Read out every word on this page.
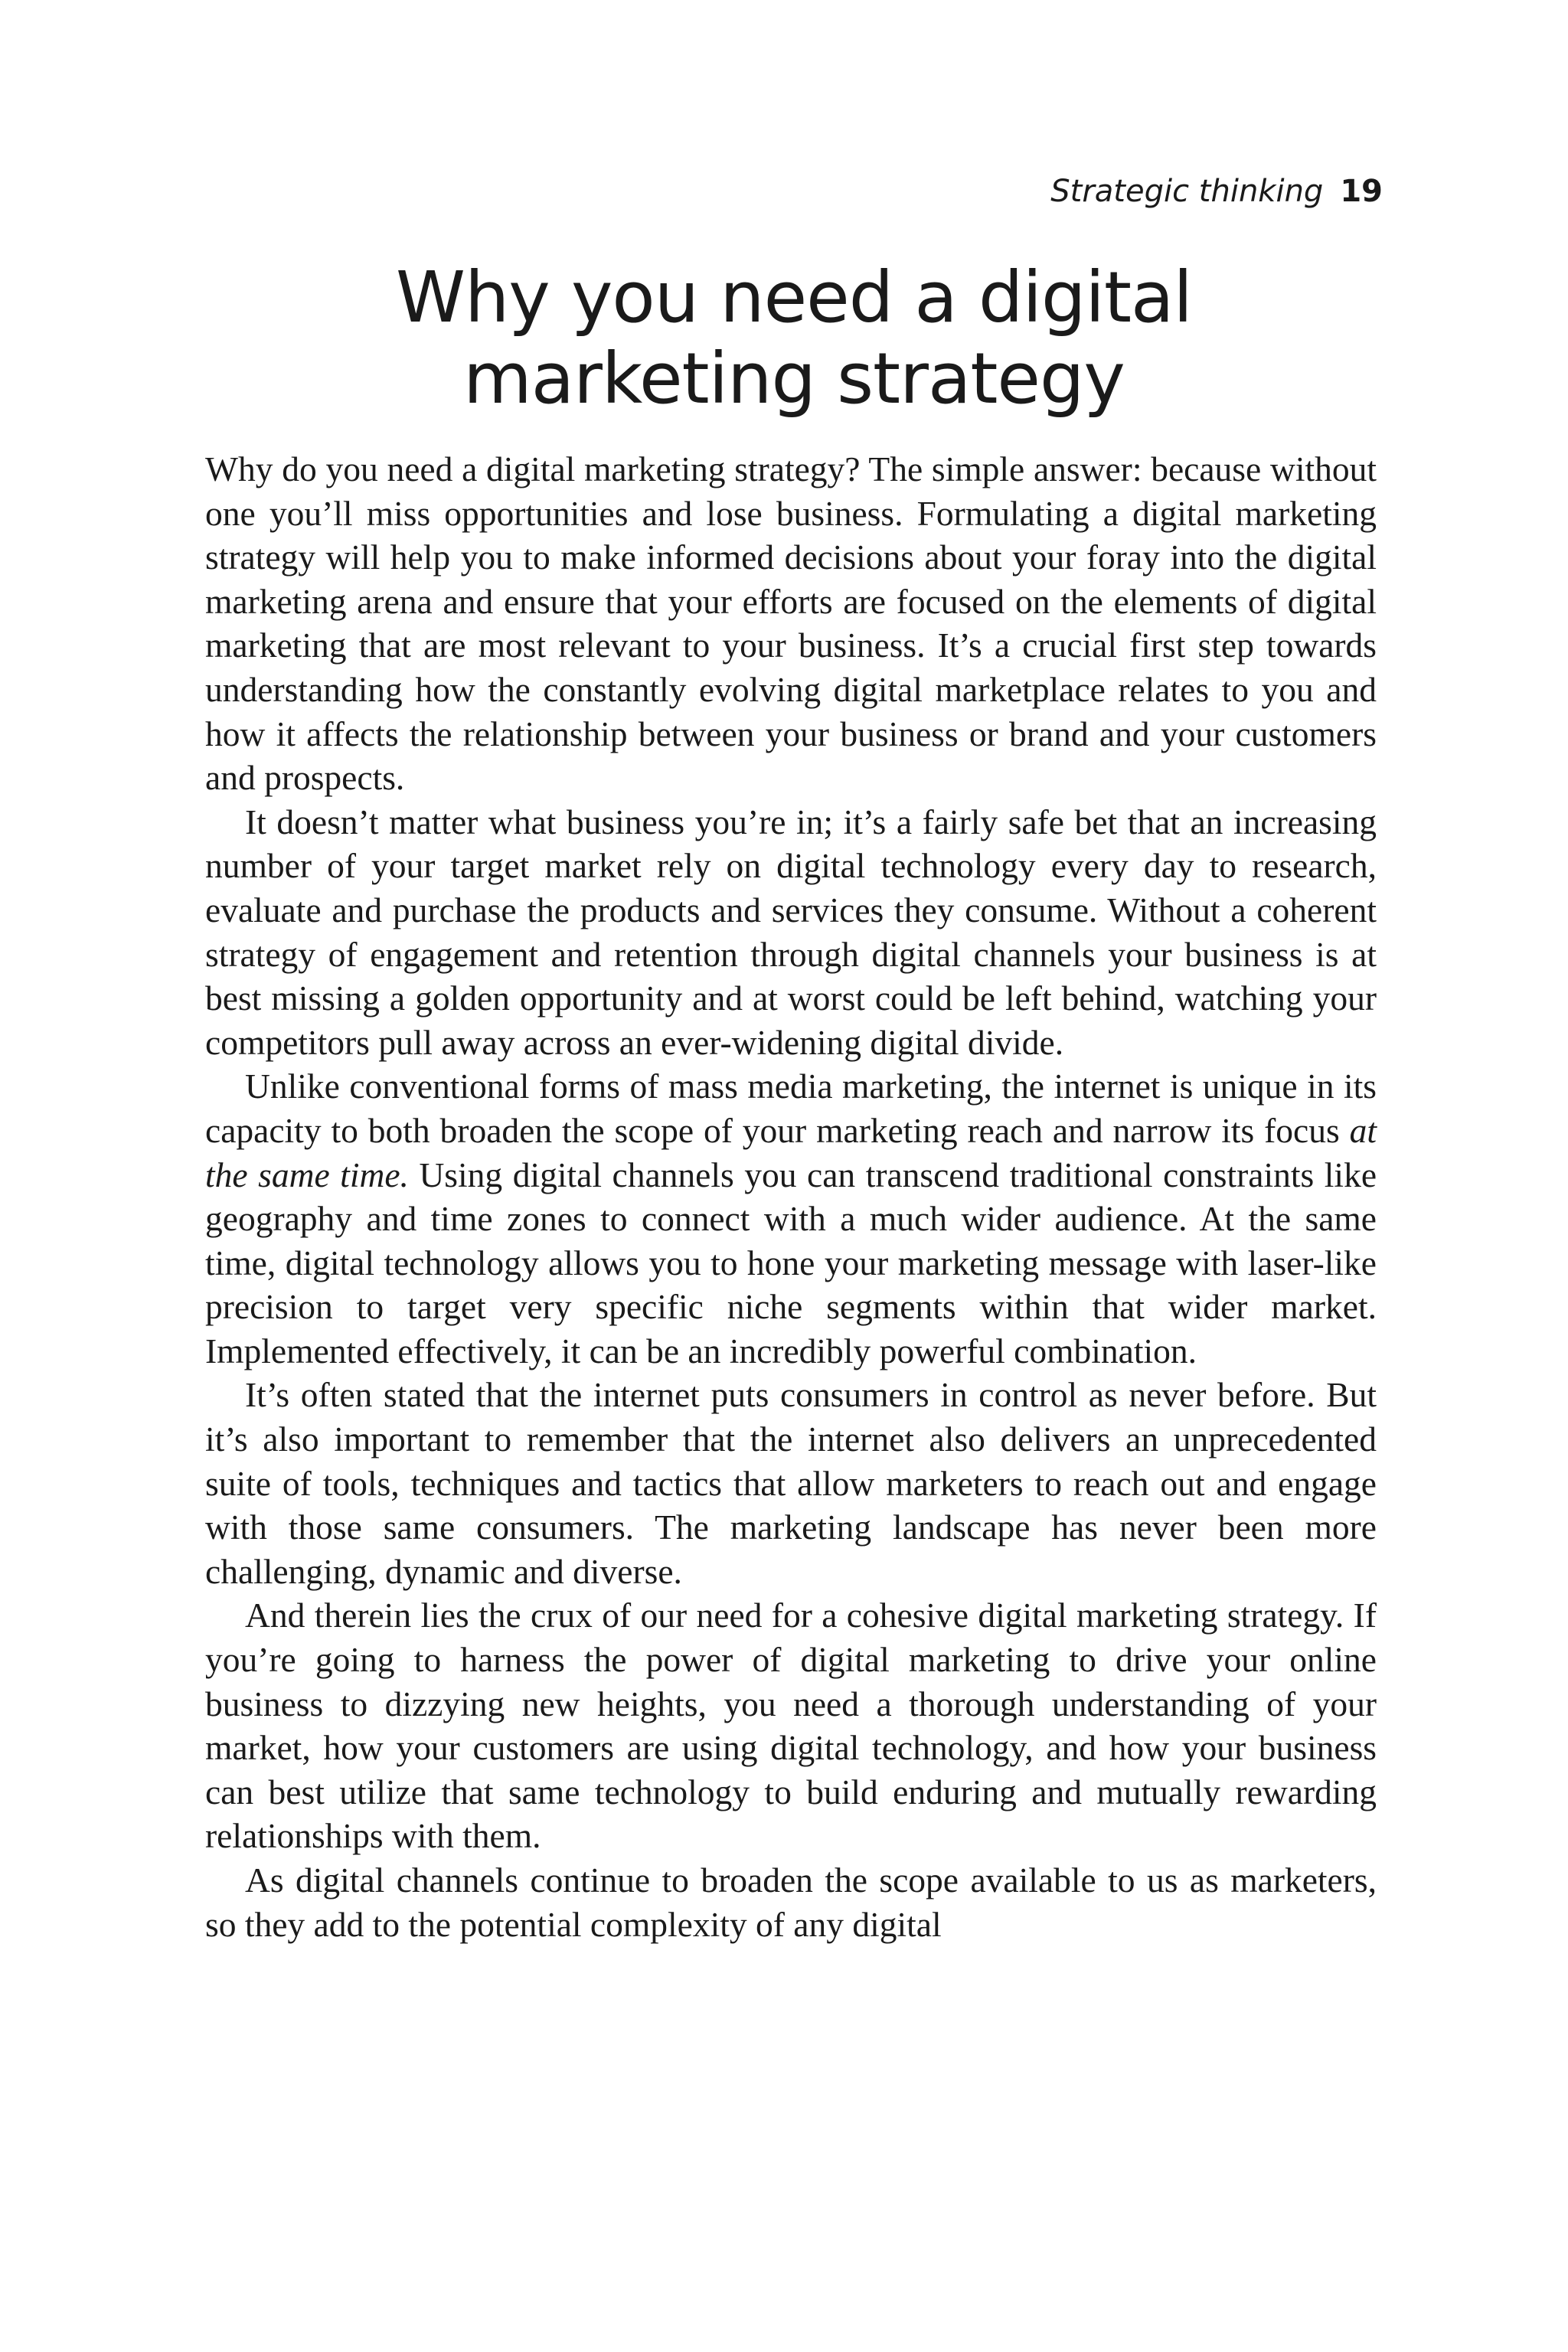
Strategic thinking 19
Why you need a digital
marketing strategy

Why do you need a digital marketing strategy? The simple answer: because without one you’ll miss opportunities and lose business. Formulating a digital marketing strategy will help you to make informed decisions about your foray into the digital marketing arena and ensure that your efforts are focused on the elements of digital marketing that are most relevant to your business. It’s a crucial first step towards understanding how the constantly evolving digital marketplace relates to you and how it affects the relationship between your business or brand and your customers and prospects.

It doesn’t matter what business you’re in; it’s a fairly safe bet that an increasing number of your target market rely on digital technology every day to research, evaluate and purchase the products and services they consume. Without a coherent strategy of engagement and retention through digital channels your business is at best missing a golden opportunity and at worst could be left behind, watching your competitors pull away across an ever-widening digital divide.

Unlike conventional forms of mass media marketing, the internet is unique in its capacity to both broaden the scope of your marketing reach and narrow its focus at the same time. Using digital channels you can transcend traditional constraints like geography and time zones to connect with a much wider audience. At the same time, digital technology allows you to hone your marketing message with laser-like precision to target very specific niche segments within that wider market. Implemented effectively, it can be an incredibly powerful combination.

It’s often stated that the internet puts consumers in control as never before. But it’s also important to remember that the internet also delivers an unprecedented suite of tools, techniques and tactics that allow marketers to reach out and engage with those same consumers. The marketing landscape has never been more challenging, dynamic and diverse.

And therein lies the crux of our need for a cohesive digital marketing strategy. If you’re going to harness the power of digital marketing to drive your online business to dizzying new heights, you need a thorough understanding of your market, how your customers are using digital technology, and how your business can best utilize that same technology to build enduring and mutually rewarding relationships with them.

As digital channels continue to broaden the scope available to us as marketers, so they add to the potential complexity of any digital
